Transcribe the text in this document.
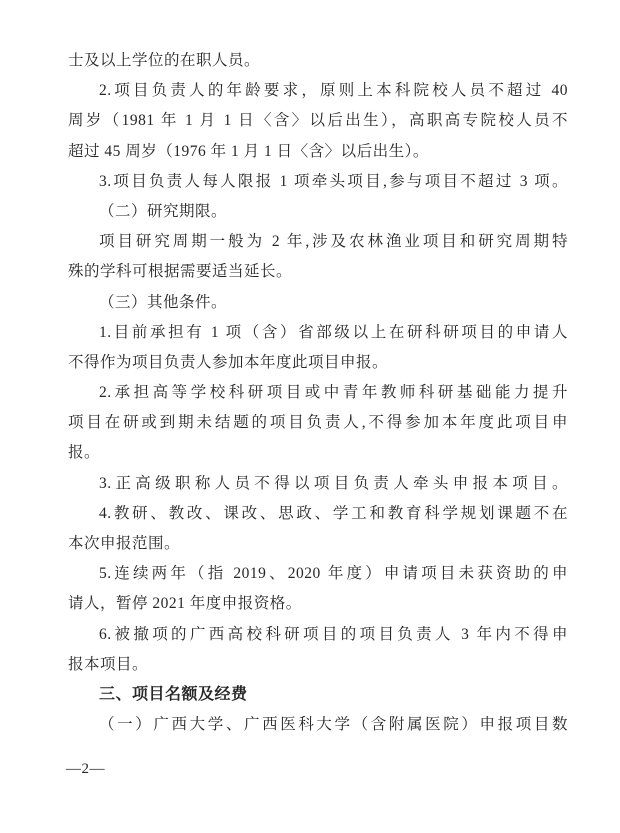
士及以上学位的在职人员。
2.项目负责人的年龄要求，原则上本科院校人员不超过 40
周岁（1981 年 1 月 1 日〈含〉以后出生），高职高专院校人员不
超过 45 周岁（1976 年 1 月 1 日〈含〉以后出生）。
3.项目负责人每人限报 1 项牵头项目,参与项目不超过 3 项。
（二）研究期限。
项目研究周期一般为 2 年,涉及农林渔业项目和研究周期特
殊的学科可根据需要适当延长。
（三）其他条件。
1.目前承担有 1 项（含）省部级以上在研科研项目的申请人
不得作为项目负责人参加本年度此项目申报。
2.承担高等学校科研项目或中青年教师科研基础能力提升
项目在研或到期未结题的项目负责人,不得参加本年度此项目申
报。
3.正高级职称人员不得以项目负责人牵头申报本项目。
4.教研、教改、课改、思政、学工和教育科学规划课题不在
本次申报范围。
5.连续两年（指 2019、2020 年度）申请项目未获资助的申
请人，暂停 2021 年度申报资格。
6.被撤项的广西高校科研项目的项目负责人 3 年内不得申
报本项目。
三、项目名额及经费
（一）广西大学、广西医科大学（含附属医院）申报项目数
—2—
